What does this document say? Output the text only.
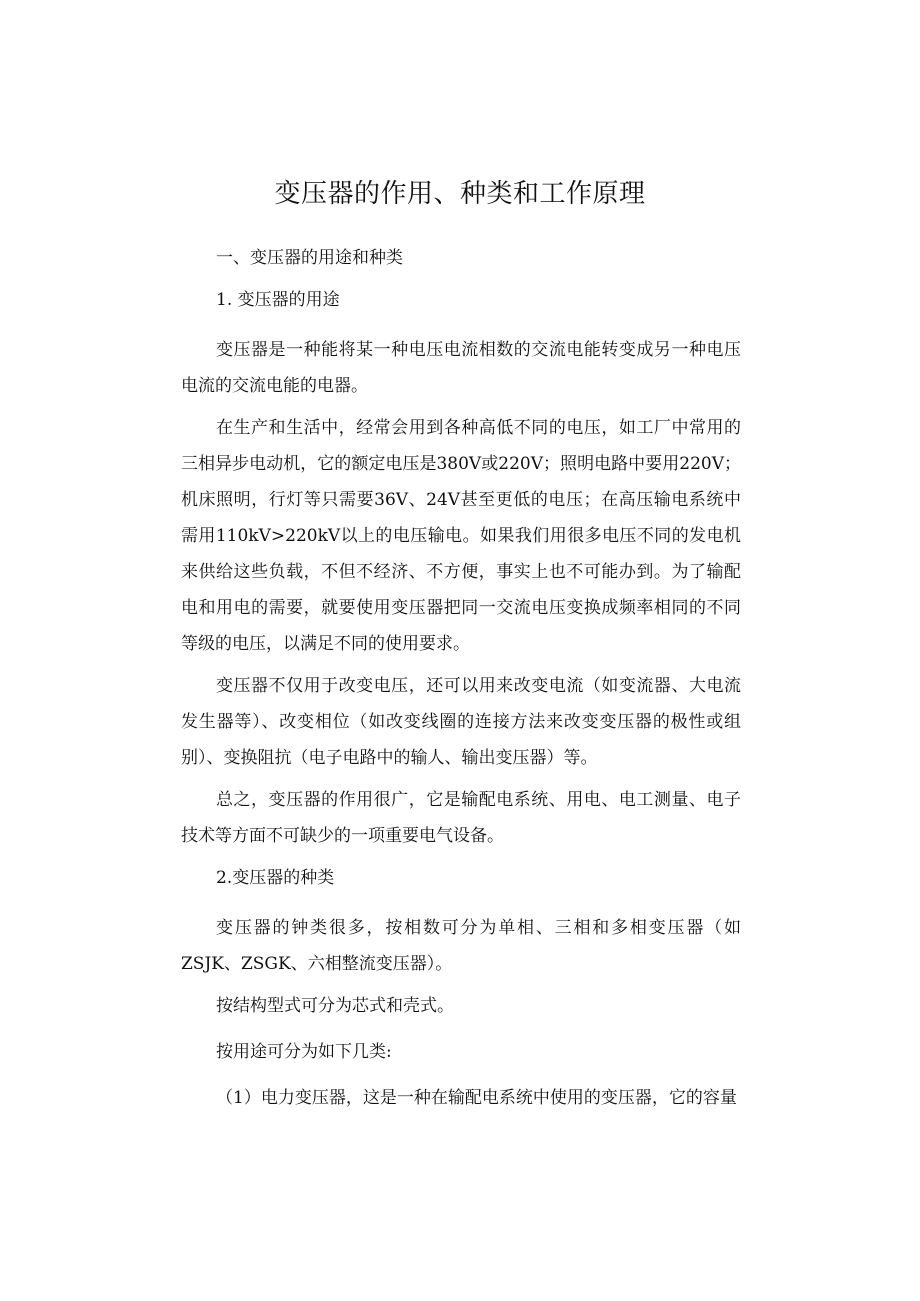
变压器的作用、种类和工作原理

一、变压器的用途和种类

1. 变压器的用途

变压器是一种能将某一种电压电流相数的交流电能转变成另一种电压电流的交流电能的电器。

在生产和生活中，经常会用到各种高低不同的电压，如工厂中常用的三相异步电动机，它的额定电压是380V或220V；照明电路中要用220V；机床照明，行灯等只需要36V、24V甚至更低的电压；在高压输电系统中需用110kV>220kV以上的电压输电。如果我们用很多电压不同的发电机来供给这些负载，不但不经济、不方便，事实上也不可能办到。为了输配电和用电的需要，就要使用变压器把同一交流电压变换成频率相同的不同等级的电压，以满足不同的使用要求。

变压器不仅用于改变电压，还可以用来改变电流（如变流器、大电流发生器等）、改变相位（如改变线圈的连接方法来改变变压器的极性或组别）、变换阻抗（电子电路中的输人、输出变压器）等。

总之，变压器的作用很广，它是输配电系统、用电、电工测量、电子技术等方面不可缺少的一项重要电气设备。

2.变压器的种类

变压器的钟类很多，按相数可分为单相、三相和多相变压器（如ZSJK、ZSGK、六相整流变压器）。

按结构型式可分为芯式和壳式。

按用途可分为如下几类:

（1）电力变压器，这是一种在输配电系统中使用的变压器，它的容量
